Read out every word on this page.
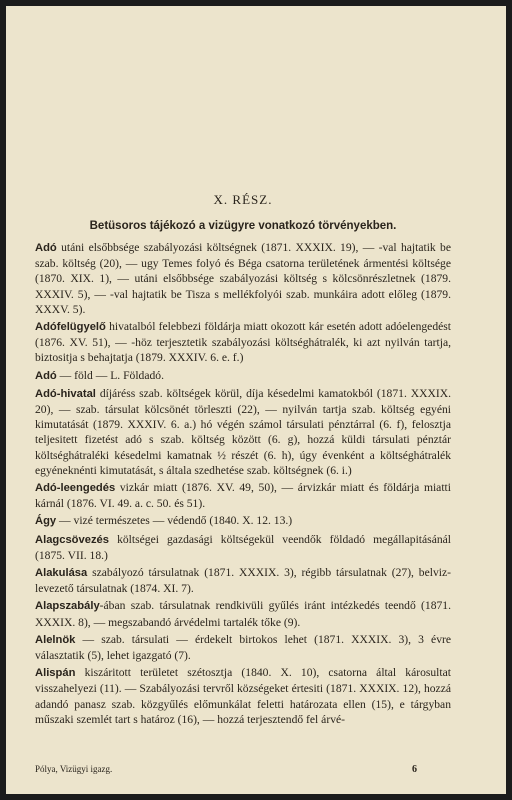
X. RÉSZ.
Betüsoros tájékozó a vizügyre vonatkozó törvényekben.
Adó utáni elsőbbsége szabályozási költségnek (1871. XXXIX. 19), — -val hajtatik be szab. költség (20), — ugy Temes folyó és Béga csatorna területének ármentési költsége (1870. XIX. 1), — utáni elsőbbsége szabályozási költség s kölcsönrészletnek (1879. XXXIV. 5), — -val hajtatik be Tisza s mellékfolyói szab. munkáira adott előleg (1879. XXXV. 5).
Adófelügyelő hivatalból felebbezi földárja miatt okozott kár esetén adott adóelengedést (1876. XV. 51), — -höz terjesztetik szabályozási költséghátralék, ki azt nyilván tartja, biztositja s behajtatja (1879. XXXIV. 6. e. f.)
Adó — föld — L. Földadó.
Adó-hivatal díjáréss szab. költségek körül, díja késedelmi kamatokból (1871. XXXIX. 20), — szab. társulat kölcsönét törleszti (22), — nyilván tartja szab. költség egyéni kimutatását (1879. XXXIV. 6. a.) hó végén számol társulati pénztárral (6. f), felosztja teljesitett fizetést adó s szab. költség között (6. g), hozzá küldi társulati pénztár költséghátraléki késedelmi kamatnak ½ részét (6. h), úgy évenként a költséghátralék egyéneknénti kimutatását, s általa szedhetése szab. költségnek (6. i.)
Adó-leengedés vizkár miatt (1876. XV. 49, 50), — árvizkár miatt és földárja miatti kárnál (1876. VI. 49. a. c. 50. és 51).
Ágy — vizé természetes — védendő (1840. X. 12. 13.)
Alagcsövezés költségei gazdasági költségekül veendők földadó megállapitásánál (1875. VII. 18.)
Alakulása szabályozó társulatnak (1871. XXXIX. 3), régibb társulatnak (27), belviz-levezető társulatnak (1874. XI. 7).
Alapszabály-ában szab. társulatnak rendkivüli gyűlés iránt intézkedés teendő (1871. XXXIX. 8), — megszabandó árvédelmi tartalék tőke (9).
Alelnök — szab. társulati — érdekelt birtokos lehet (1871. XXXIX. 3), 3 évre választatik (5), lehet igazgató (7).
Alispán kiszáritott területet szétosztja (1840. X. 10), csatorna által károsultat visszahelyezi (11). — Szabályozási tervről községeket értesiti (1871. XXXIX. 12), hozzá adandó panasz szab. közgyűlés előmunkálat feletti határozata ellen (15), e tárgyban műszaki szemlét tart s határoz (16), — hozzá terjesztendő fel árvé-
Pólya, Vizügyi igazg.	6
